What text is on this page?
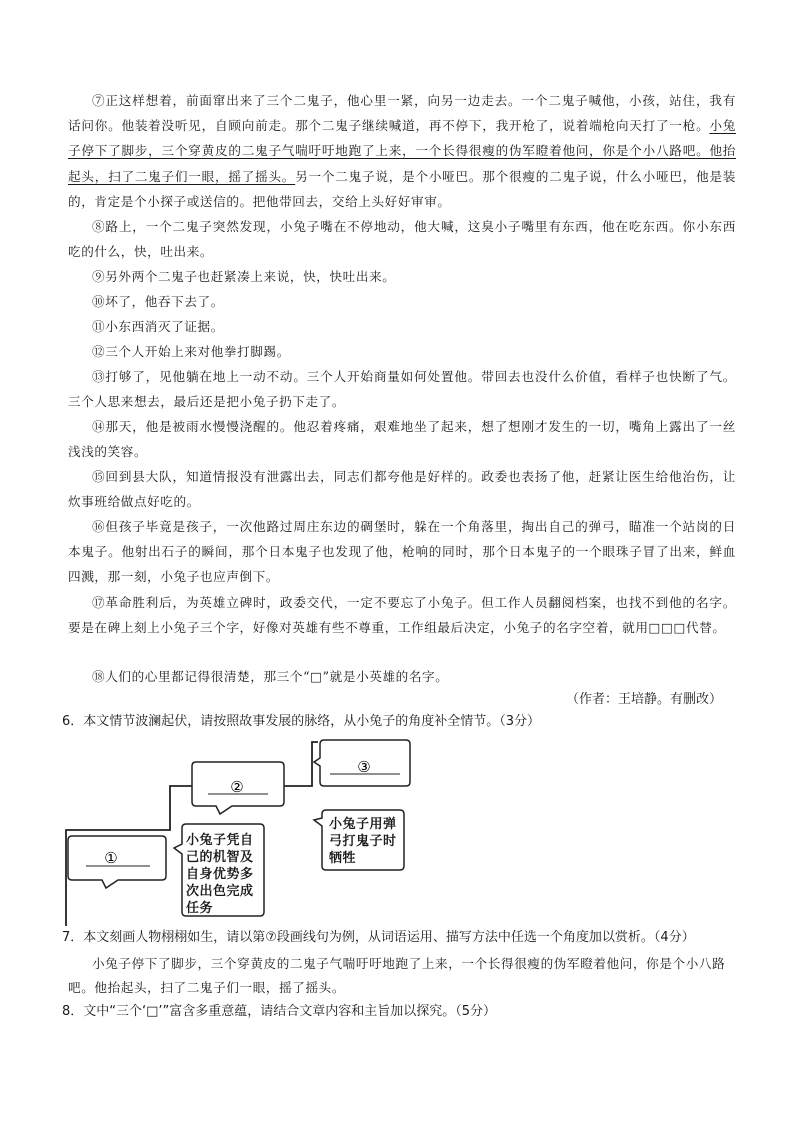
⑦正这样想着，前面窜出来了三个二鬼子，他心里一紧，向另一边走去。一个二鬼子喊他，小孩，站住，我有话问你。他装着没听见，自顾向前走。那个二鬼子继续喊道，再不停下，我开枪了，说着端枪向天打了一枪。小兔子停下了脚步，三个穿黄皮的二鬼子气喘吁吁地跑了上来，一个长得很瘦的伪军瞪着他问，你是个小八路吧。他抬起头，扫了二鬼子们一眼，摇了摇头。另一个二鬼子说，是个小哑巴。那个很瘦的二鬼子说，什么小哑巴，他是装的，肯定是个小探子或送信的。把他带回去，交给上头好好审审。
⑧路上，一个二鬼子突然发现，小兔子嘴在不停地动，他大喊，这臭小子嘴里有东西，他在吃东西。你小东西吃的什么，快，吐出来。
⑨另外两个二鬼子也赶紧凑上来说，快，快吐出来。
⑩坏了，他吞下去了。
⑪小东西消灭了证据。
⑫三个人开始上来对他拳打脚踢。
⑬打够了，见他躺在地上一动不动。三个人开始商量如何处置他。带回去也没什么价值，看样子也快断了气。三个人思来想去，最后还是把小兔子扔下走了。
⑭那天，他是被雨水慢慢浇醒的。他忍着疼痛，艰难地坐了起来，想了想刚才发生的一切，嘴角上露出了一丝浅浅的笑容。
⑮回到县大队，知道情报没有泄露出去，同志们都夸他是好样的。政委也表扬了他，赶紧让医生给他治伤，让炊事班给做点好吃的。
⑯但孩子毕竟是孩子，一次他路过周庄东边的碉堡时，躲在一个角落里，掏出自己的弹弓，瞄准一个站岗的日本鬼子。他射出石子的瞬间，那个日本鬼子也发现了他，枪响的同时，那个日本鬼子的一个眼珠子冒了出来，鲜血四溅，那一刻，小兔子也应声倒下。
⑰革命胜利后，为英雄立碑时，政委交代，一定不要忘了小兔子。但工作人员翻阅档案，也找不到他的名字。要是在碑上刻上小兔子三个字，好像对英雄有些不尊重，工作组最后决定，小兔子的名字空着，就用□□□代替。
⑱人们的心里都记得很清楚，那三个“□”就是小英雄的名字。
（作者：王培静。有删改）
6．本文情节波澜起伏，请按照故事发展的脉络，从小兔子的角度补全情节。（3分）
①
②
③
小兔子凭自
己的机智及
自身优势多
次出色完成
任务
小兔子用弹
弓打鬼子时
牺牲
7．本文刻画人物栩栩如生，请以第⑦段画线句为例，从词语运用、描写方法中任选一个角度加以赏析。（4分）
小兔子停下了脚步，三个穿黄皮的二鬼子气喘吁吁地跑了上来，一个长得很瘦的伪军瞪着他问，你是个小八路吧。他抬起头，扫了二鬼子们一眼，摇了摇头。
8．文中“三个‘□’”富含多重意蕴，请结合文章内容和主旨加以探究。（5分）
